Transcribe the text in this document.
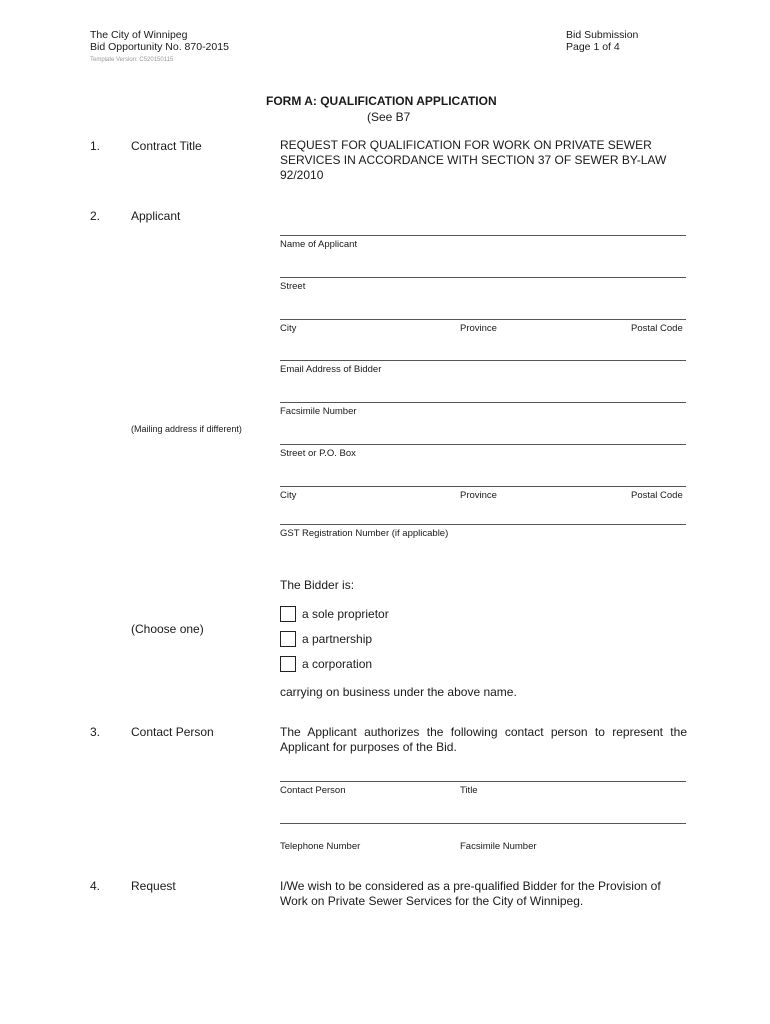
The City of Winnipeg
Bid Opportunity No. 870-2015
Template Version: C520150115
Bid Submission
Page 1 of 4
FORM A: QUALIFICATION APPLICATION
(See B7
1.	Contract Title	REQUEST FOR QUALIFICATION FOR WORK ON PRIVATE SEWER SERVICES IN ACCORDANCE WITH SECTION 37 OF SEWER BY-LAW 92/2010
2.	Applicant
Name of Applicant
Street
City	Province	Postal Code
Email Address of Bidder
Facsimile Number
(Mailing address if different)
Street or P.O. Box
City	Province	Postal Code
GST Registration Number (if applicable)
The Bidder is:
(Choose one)
a sole proprietor
a partnership
a corporation
carrying on business under the above name.
3.	Contact Person	The Applicant authorizes the following contact person to represent the Applicant for purposes of the Bid.
Contact Person	Title
Telephone Number	Facsimile Number
4.	Request	I/We wish to be considered as a pre-qualified Bidder for the Provision of Work on Private Sewer Services for the City of Winnipeg.
